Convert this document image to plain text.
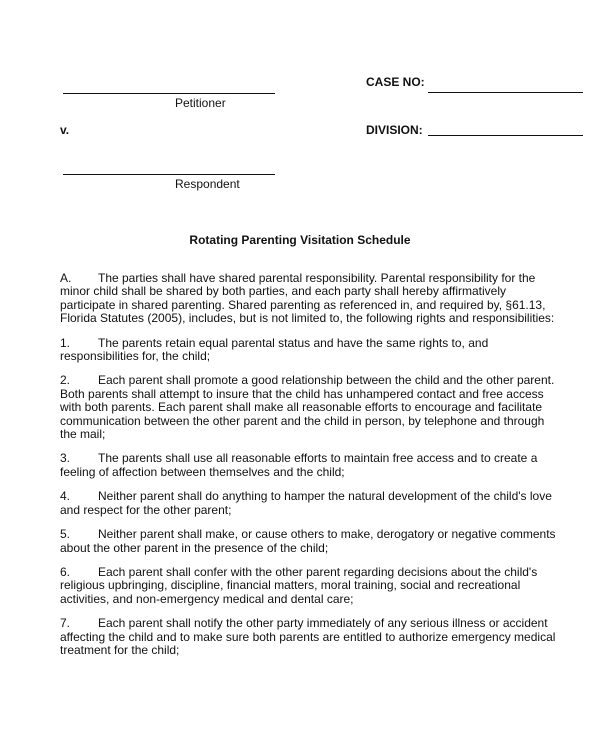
Petitioner
CASE NO:
v.	DIVISION:
Respondent
Rotating Parenting Visitation Schedule

A. The parties shall have shared parental responsibility. Parental responsibility for the minor child shall be shared by both parties, and each party shall hereby affirmatively participate in shared parenting. Shared parenting as referenced in, and required by, §61.13, Florida Statutes (2005), includes, but is not limited to, the following rights and responsibilities:

1. The parents retain equal parental status and have the same rights to, and responsibilities for, the child;

2. Each parent shall promote a good relationship between the child and the other parent. Both parents shall attempt to insure that the child has unhampered contact and free access with both parents. Each parent shall make all reasonable efforts to encourage and facilitate communication between the other parent and the child in person, by telephone and through the mail;

3. The parents shall use all reasonable efforts to maintain free access and to create a feeling of affection between themselves and the child;

4. Neither parent shall do anything to hamper the natural development of the child's love and respect for the other parent;

5. Neither parent shall make, or cause others to make, derogatory or negative comments about the other parent in the presence of the child;

6. Each parent shall confer with the other parent regarding decisions about the child's religious upbringing, discipline, financial matters, moral training, social and recreational activities, and non-emergency medical and dental care;

7. Each parent shall notify the other party immediately of any serious illness or accident affecting the child and to make sure both parents are entitled to authorize emergency medical treatment for the child;
